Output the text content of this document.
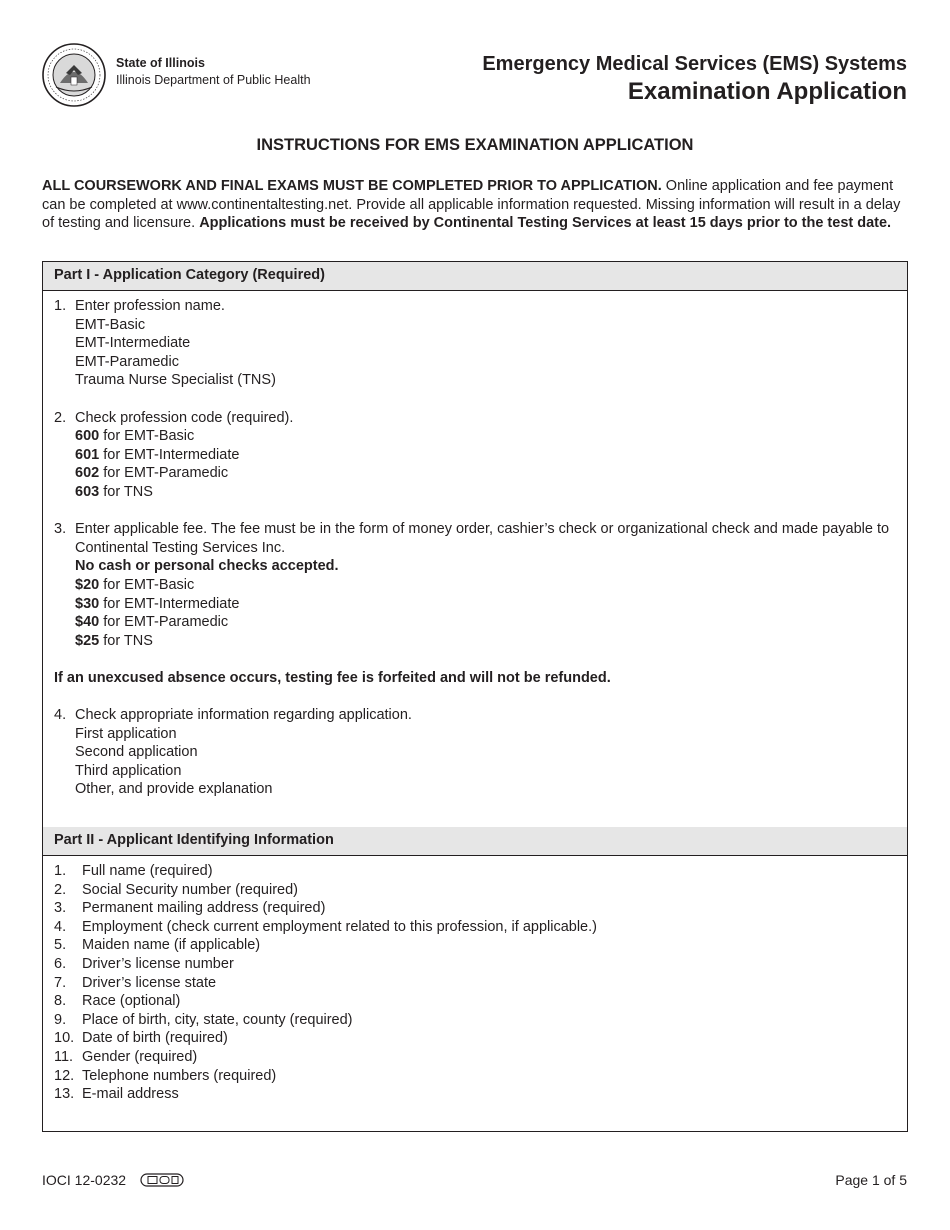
State of Illinois
Illinois Department of Public Health
Emergency Medical Services (EMS) Systems
Examination Application
INSTRUCTIONS FOR EMS EXAMINATION APPLICATION
ALL COURSEWORK AND FINAL EXAMS MUST BE COMPLETED PRIOR TO APPLICATION. Online application and fee payment can be completed at www.continentaltesting.net. Provide all applicable information requested. Missing information will result in a delay of testing and licensure. Applications must be received by Continental Testing Services at least 15 days prior to the test date.
Part I - Application Category (Required)
1. Enter profession name.
EMT-Basic
EMT-Intermediate
EMT-Paramedic
Trauma Nurse Specialist (TNS)
2. Check profession code (required).
600 for EMT-Basic
601 for EMT-Intermediate
602 for EMT-Paramedic
603 for TNS
3. Enter applicable fee. The fee must be in the form of money order, cashier’s check or organizational check and made payable to Continental Testing Services Inc.
No cash or personal checks accepted.
$20 for EMT-Basic
$30 for EMT-Intermediate
$40 for EMT-Paramedic
$25 for TNS
If an unexcused absence occurs, testing fee is forfeited and will not be refunded.
4. Check appropriate information regarding application.
First application
Second application
Third application
Other, and provide explanation
Part II - Applicant Identifying Information
1.	Full name (required)
2.	Social Security number (required)
3.	Permanent mailing address (required)
4.	Employment (check current employment related to this profession, if applicable.)
5.	Maiden name (if applicable)
6.	Driver’s license number
7.	Driver’s license state
8.	Race (optional)
9.	Place of birth, city, state, county (required)
10. Date of birth (required)
11. Gender (required)
12. Telephone numbers (required)
13. E-mail address
IOCI 12-0232	Page 1 of 5
